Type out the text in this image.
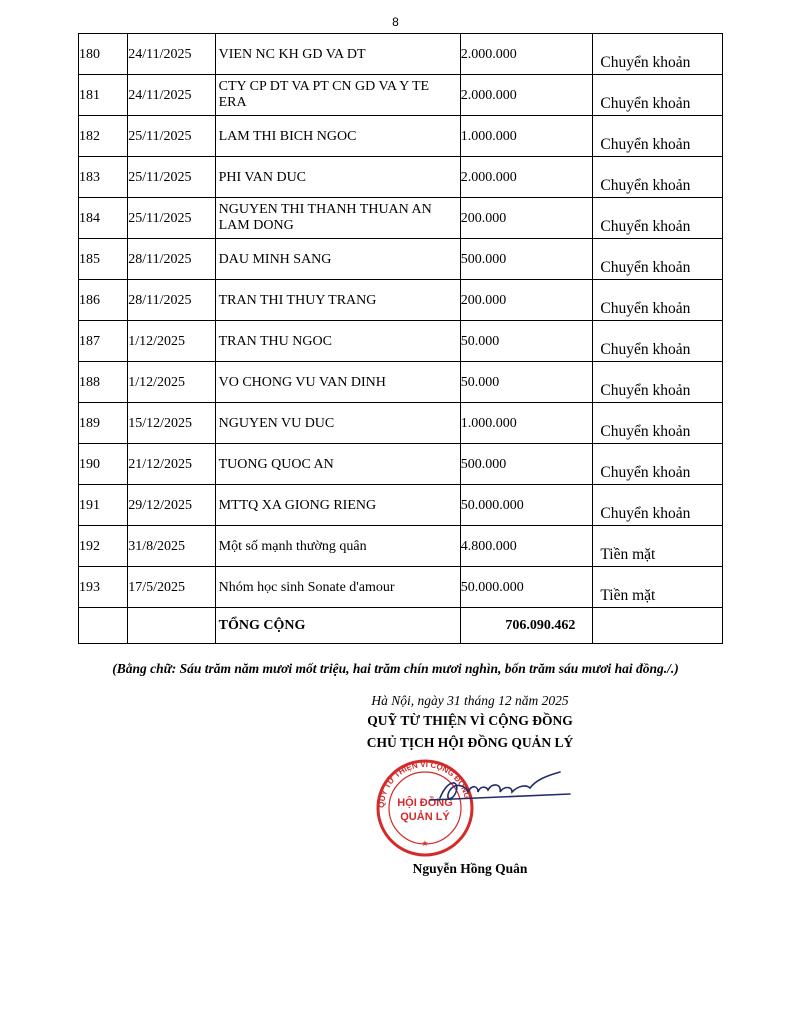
8
180	24/11/2025	VIEN NC KH GD VA DT	2.000.000	Chuyển khoản

181	24/11/2025	CTY CP DT VA PT CN GD VA Y TE ERA	2.000.000	Chuyển khoản

182	25/11/2025	LAM THI BICH NGOC	1.000.000	Chuyển khoản

183	25/11/2025	PHI VAN DUC	2.000.000	Chuyển khoản

184	25/11/2025	NGUYEN THI THANH THUAN AN LAM DONG	200.000	Chuyển khoản

185	28/11/2025	DAU MINH SANG	500.000	Chuyển khoản

186	28/11/2025	TRAN THI THUY TRANG	200.000	Chuyển khoản

187	1/12/2025	TRAN THU NGOC	50.000	Chuyển khoản

188	1/12/2025	VO CHONG VU VAN DINH	50.000	Chuyển khoản

189	15/12/2025	NGUYEN VU DUC	1.000.000	Chuyển khoản

190	21/12/2025	TUONG QUOC AN	500.000	Chuyển khoản

191	29/12/2025	MTTQ XA GIONG RIENG	50.000.000	Chuyển khoản

192	31/8/2025	Một số mạnh thường quân	4.800.000	Tiền mặt

193	17/5/2025	Nhóm học sinh Sonate d'amour	50.000.000	Tiền mặt

		TỔNG CỘNG	706.090.462	

(Bằng chữ: Sáu trăm năm mươi mốt triệu, hai trăm chín mươi nghìn, bốn trăm sáu mươi hai đồng./.)
Hà Nội, ngày 31 tháng 12 năm 2025
QUỸ TỪ THIỆN VÌ CỘNG ĐỒNG
CHỦ TỊCH HỘI ĐỒNG QUẢN LÝ
QUỸ TỪ THIỆN VÌ CỘNG ĐỒNG
HỘI ĐỒNG
QUẢN LÝ
★
Nguyễn Hồng Quân
